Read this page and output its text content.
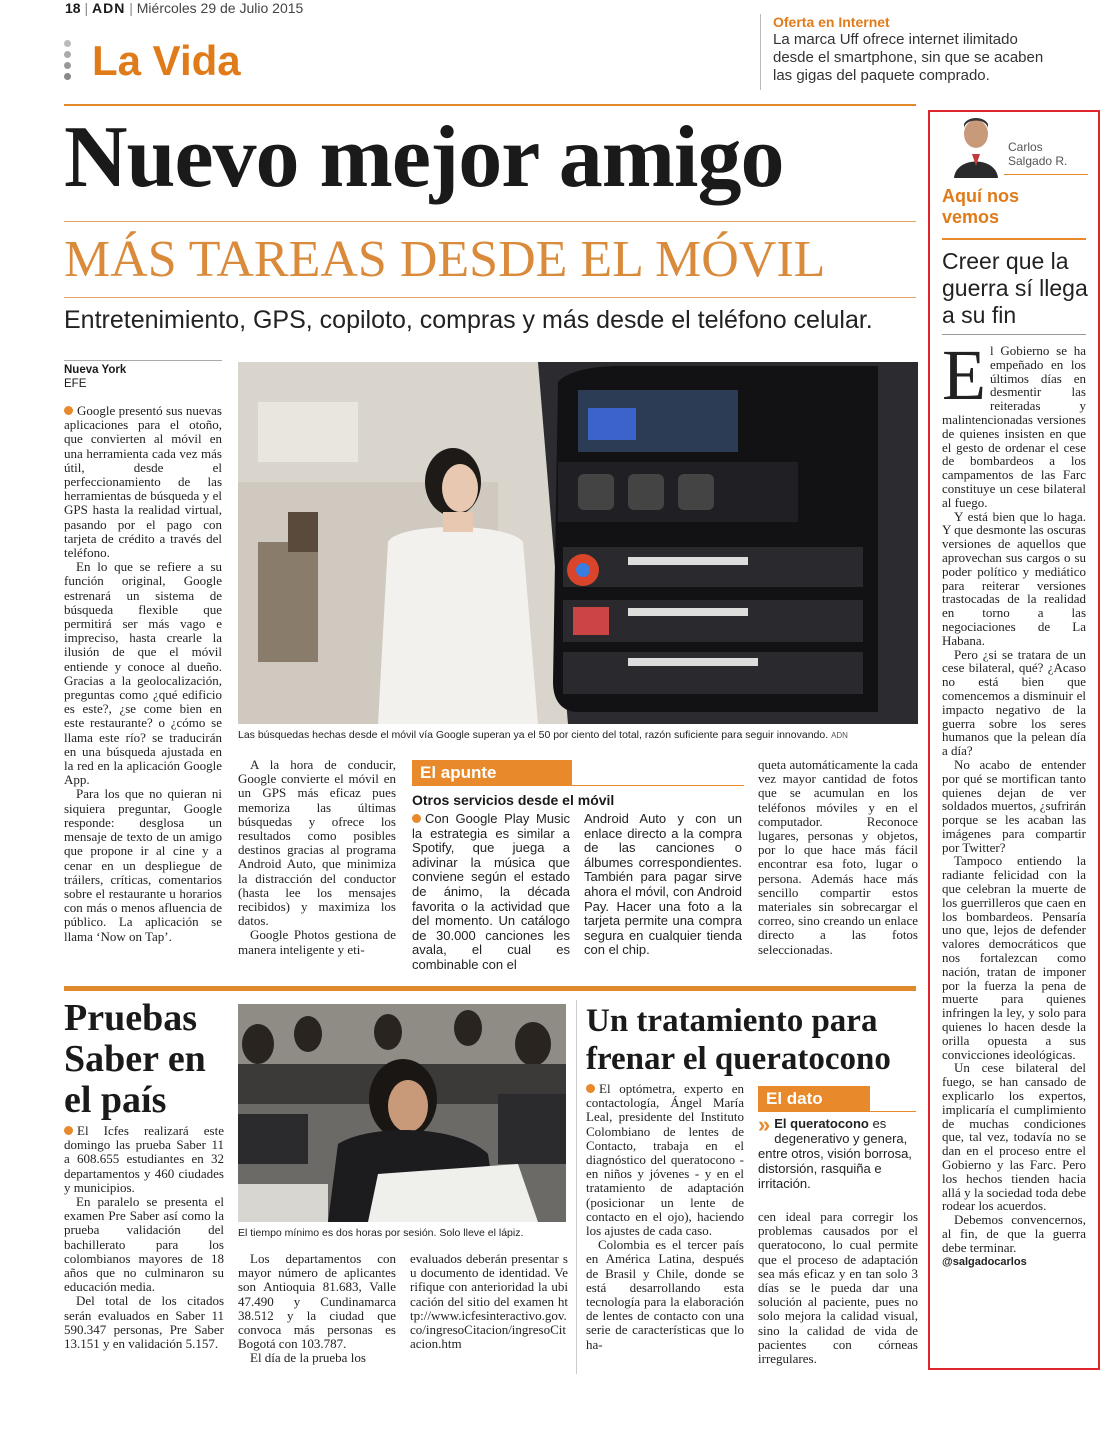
18 | ADN | Miércoles 29 de Julio 2015
La Vida
Oferta en Internet
La marca Uff ofrece internet ilimitado desde el smartphone, sin que se acaben las gigas del paquete comprado.
Nuevo mejor amigo
MÁS TAREAS DESDE EL MÓVIL
Entretenimiento, GPS, copiloto, compras y más desde el teléfono celular.
Nueva York
EFE

Google presentó sus nuevas aplicaciones para el otoño, que convierten al móvil en una herramienta cada vez más útil, desde el perfeccionamiento de las herramientas de búsqueda y el GPS hasta la realidad virtual, pasando por el pago con tarjeta de crédito a través del teléfono.

En lo que se refiere a su función original, Google estrenará un sistema de búsqueda flexible que permitirá ser más vago e impreciso, hasta crearle la ilusión de que el móvil entiende y conoce al dueño. Gracias a la geolocalización, preguntas como ¿qué edificio es este?, ¿se come bien en este restaurante? o ¿cómo se llama este río? se traducirán en una búsqueda ajustada en la red en la aplicación Google App.

Para los que no quieran ni siquiera preguntar, Google responde: desglosa un mensaje de texto de un amigo que propone ir al cine y a cenar en un despliegue de tráilers, críticas, comentarios sobre el restaurante u horarios con más o menos afluencia de público. La aplicación se llama ‘Now on Tap’.

Las búsquedas hechas desde el móvil vía Google superan ya el 50 por ciento del total, razón suficiente para seguir innovando. ADN

A la hora de conducir, Google convierte el móvil en un GPS más eficaz pues memoriza las últimas búsquedas y ofrece los resultados como posibles destinos gracias al programa Android Auto, que minimiza la distracción del conductor (hasta lee los mensajes recibidos) y maximiza los datos.

Google Photos gestiona de manera inteligente y eti-

El apunte
Otros servicios desde el móvil

Con Google Play Music la estrategia es similar a Spotify, que juega a adivinar la música que conviene según el estado de ánimo, la década favorita o la actividad que del momento. Un catálogo de 30.000 canciones les avala, el cual es combinable con el

Android Auto y con un enlace directo a la compra de las canciones o álbumes correspondientes. También para pagar sirve ahora el móvil, con Android Pay. Hacer una foto a la tarjeta permite una compra segura en cualquier tienda con el chip.

queta automáticamente la cada vez mayor cantidad de fotos que se acumulan en los teléfonos móviles y en el computador. Reconoce lugares, personas y objetos, por lo que hace más fácil encontrar esa foto, lugar o persona. Además hace más sencillo compartir estos materiales sin sobrecargar el correo, sino creando un enlace directo a las fotos seleccionadas.

Pruebas Saber en el país

El Icfes realizará este domingo las prueba Saber 11 a 608.655 estudiantes en 32 departamentos y 460 ciudades y municipios.

En paralelo se presenta el examen Pre Saber así como la prueba validación del bachillerato para los colombianos mayores de 18 años que no culminaron su educación media.

Del total de los citados serán evaluados en Saber 11 590.347 personas, Pre Saber 13.151 y en validación 5.157.

El tiempo mínimo es dos horas por sesión. Solo lleve el lápiz.

Los departamentos con mayor número de aplicantes son Antioquia 81.683, Valle 47.490 y Cundinamarca 38.512 y la ciudad que convoca más personas es Bogotá con 103.787.

El día de la prueba los

evaluados deberán presentar su documento de identidad. Verifique con anterioridad la ubicación del sitio del examen http://www.icfesinteractivo.gov.co/ingresoCitacion/ingresoCitacion.htm

Un tratamiento para frenar el queratocono

El optómetra, experto en contactología, Ángel María Leal, presidente del Instituto Colombiano de lentes de Contacto, trabaja en el diagnóstico del queratocono - en niños y jóvenes - y en el tratamiento de adaptación (posicionar un lente de contacto en el ojo), haciendo los ajustes de cada caso.

Colombia es el tercer país en América Latina, después de Brasil y Chile, donde se está desarrollando esta tecnología para la elaboración de lentes de contacto con una serie de características que lo ha-

El dato
» El queratocono es degenerativo y genera, entre otros, visión borrosa, distorsión, rasquiña e irritación.

cen ideal para corregir los problemas causados por el queratocono, lo cual permite que el proceso de adaptación sea más eficaz y en tan solo 3 días se le pueda dar una solución al paciente, pues no solo mejora la calidad visual, sino la calidad de vida de pacientes con córneas irregulares.

Carlos
Salgado R.
Aquí nos vemos
Creer que la guerra sí llega a su fin

El Gobierno se ha empeñado en los últimos días en desmentir las reiteradas y malintencionadas versiones de quienes insisten en que el gesto de ordenar el cese de bombardeos a los campamentos de las Farc constituye un cese bilateral al fuego.

Y está bien que lo haga. Y que desmonte las oscuras versiones de aquellos que aprovechan sus cargos o su poder político y mediático para reiterar versiones trastocadas de la realidad en torno a las negociaciones de La Habana.

Pero ¿si se tratara de un cese bilateral, qué? ¿Acaso no está bien que comencemos a disminuir el impacto negativo de la guerra sobre los seres humanos que la pelean día a día?

No acabo de entender por qué se mortifican tanto quienes dejan de ver soldados muertos, ¿sufrirán porque se les acaban las imágenes para compartir por Twitter?

Tampoco entiendo la radiante felicidad con la que celebran la muerte de los guerrilleros que caen en los bombardeos. Pensaría uno que, lejos de defender valores democráticos que nos fortalezcan como nación, tratan de imponer por la fuerza la pena de muerte para quienes infringen la ley, y solo para quienes lo hacen desde la orilla opuesta a sus convicciones ideológicas.

Un cese bilateral del fuego, se han cansado de explicarlo los expertos, implicaría el cumplimiento de muchas condiciones que, tal vez, todavía no se dan en el proceso entre el Gobierno y las Farc. Pero los hechos tienden hacia allá y la sociedad toda debe rodear los acuerdos.

Debemos convencernos, al fin, de que la guerra debe terminar.

@salgadocarlos
